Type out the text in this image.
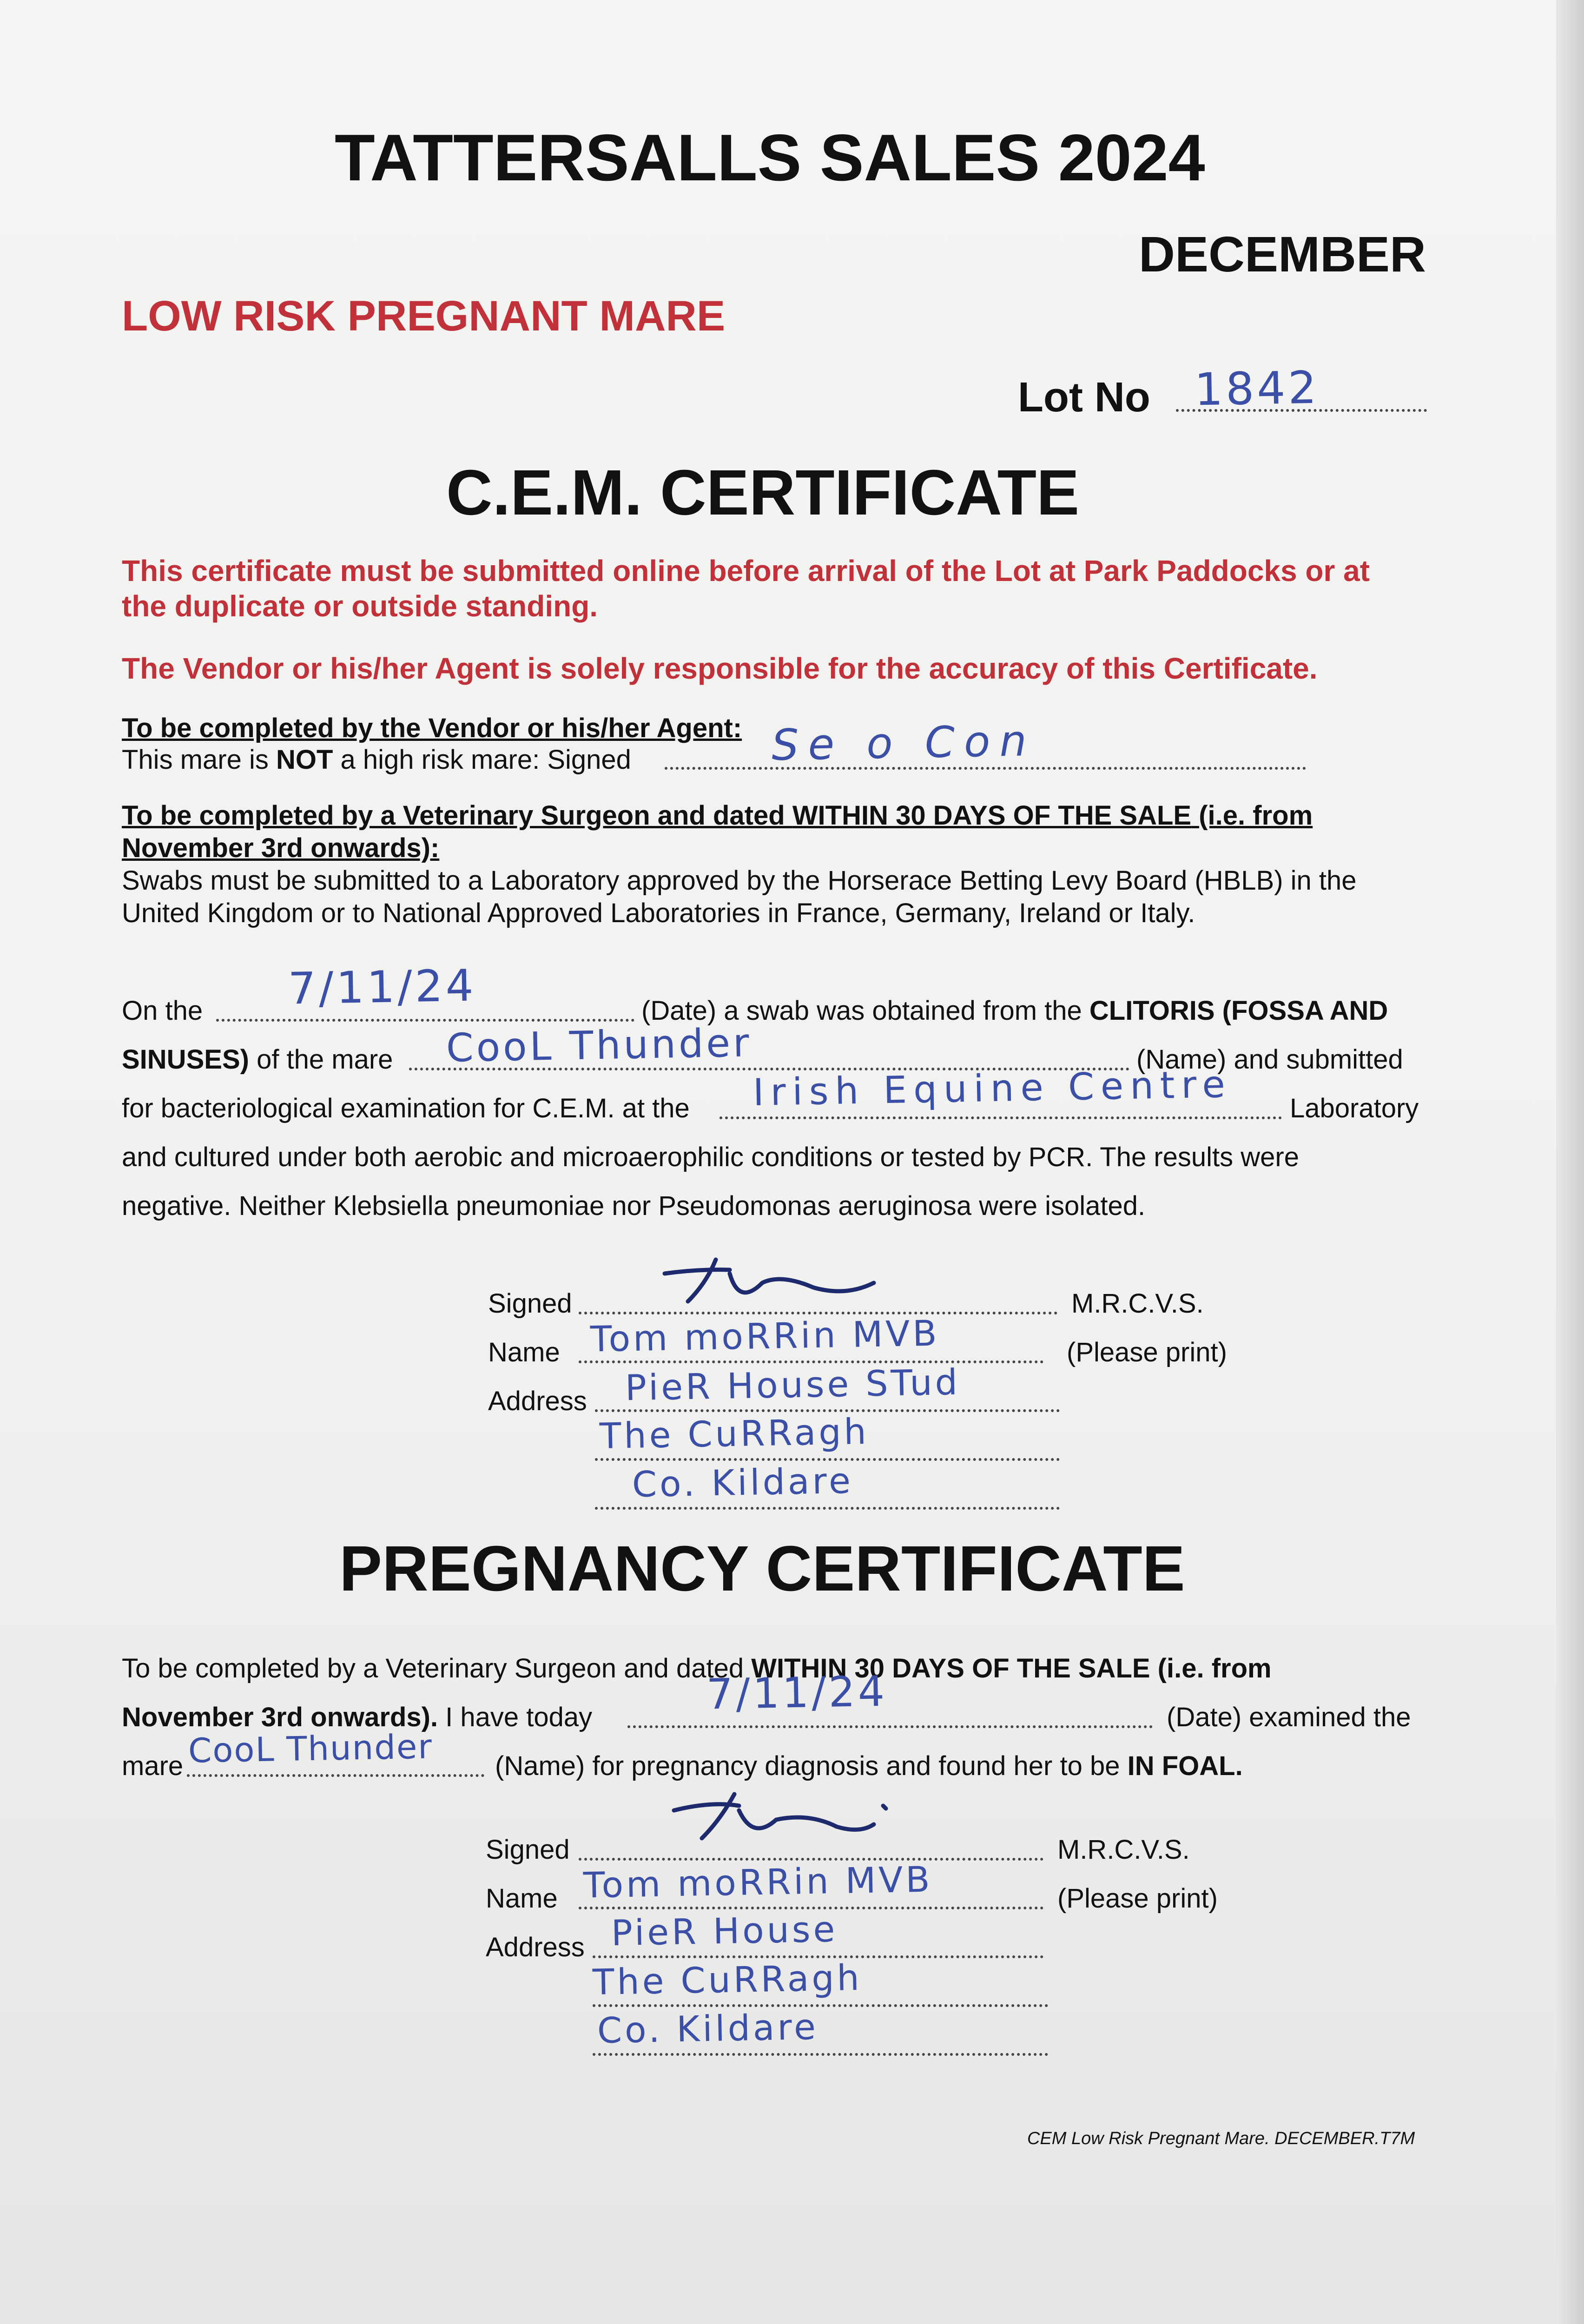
TATTERSALLS SALES 2024
DECEMBER
LOW RISK PREGNANT MARE
Lot No 1842
C.E.M. CERTIFICATE
This certificate must be submitted online before arrival of the Lot at Park Paddocks or at
the duplicate or outside standing.
The Vendor or his/her Agent is solely responsible for the accuracy of this Certificate.
To be completed by the Vendor or his/her Agent:
This mare is NOT a high risk mare: Signed	Se o Con
To be completed by a Veterinary Surgeon and dated WITHIN 30 DAYS OF THE SALE (i.e. from
November 3rd onwards):
Swabs must be submitted to a Laboratory approved by the Horserace Betting Levy Board (HBLB) in the
United Kingdom or to National Approved Laboratories in France, Germany, Ireland or Italy.
On the 7/11/24	(Date) a swab was obtained from the CLITORIS (FOSSA AND
SINUSES) of the mare CooL Thunder	(Name) and submitted
for bacteriological examination for C.E.M. at the Irish Equine Centre Laboratory
and cultured under both aerobic and microaerophilic conditions or tested by PCR. The results were
negative. Neither Klebsiella pneumoniae nor Pseudomonas aeruginosa were isolated.
Signed	M.R.C.V.S.
Name Tom moRRin MVB	(Please print)
Address PieR House STud
The CuRRagh
Co. Kildare
PREGNANCY CERTIFICATE
To be completed by a Veterinary Surgeon and dated WITHIN 30 DAYS OF THE SALE (i.e. from
November 3rd onwards). I have today	7/11/24	(Date) examined the
mare CooL Thunder (Name) for pregnancy diagnosis and found her to be IN FOAL.
Signed	M.R.C.V.S.
Name Tom moRRin MVB	(Please print)
Address PieR House
The CuRRagh
Co. Kildare
CEM Low Risk Pregnant Mare. DECEMBER.T7M
